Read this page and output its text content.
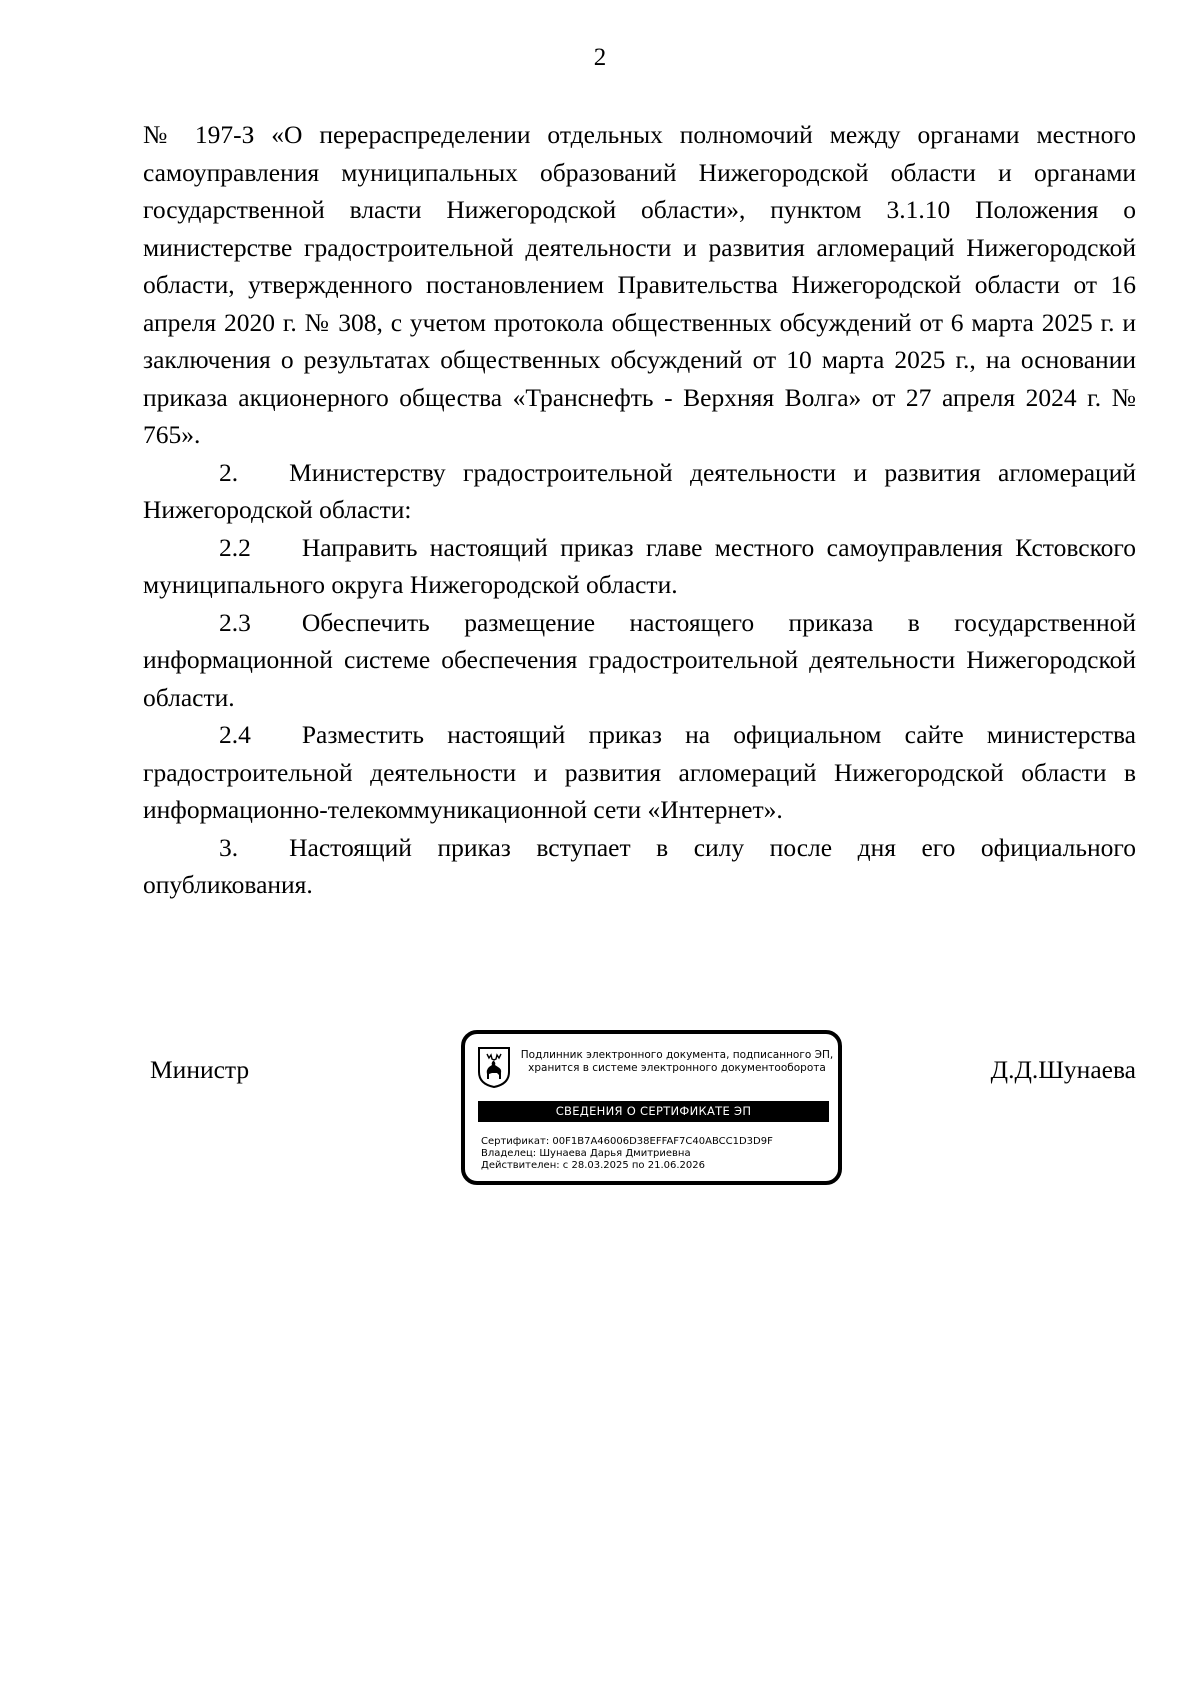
2

№ 197-З «О перераспределении отдельных полномочий между органами местного самоуправления муниципальных образований Нижегородской области и органами государственной власти Нижегородской области», пунктом 3.1.10 Положения о министерстве градостроительной деятельности и развития агломераций Нижегородской области, утвержденного постановлением Правительства Нижегородской области от 16 апреля 2020 г. № 308, с учетом протокола общественных обсуждений от 6 марта 2025 г. и заключения о результатах общественных обсуждений от 10 марта 2025 г., на основании приказа акционерного общества «Транснефть - Верхняя Волга» от 27 апреля 2024 г. № 765».

2.  Министерству градостроительной деятельности и развития агломераций Нижегородской области:

2.2  Направить настоящий приказ главе местного самоуправления Кстовского муниципального округа Нижегородской области.

2.3  Обеспечить размещение настоящего приказа в государственной информационной системе обеспечения градостроительной деятельности Нижегородской области.

2.4  Разместить настоящий приказ на официальном сайте министерства градостроительной деятельности и развития агломераций Нижегородской области в информационно-телекоммуникационной сети «Интернет».

3.  Настоящий приказ вступает в силу после дня его официального опубликования.

Министр	Подлинник электронного документа, подписанного ЭП,
хранится в системе электронного документооборота
СВЕДЕНИЯ О СЕРТИФИКАТЕ ЭП
Сертификат: 00F1B7A46006D38EFFAF7C40ABCC1D3D9F
Владелец: Шунаева Дарья Дмитриевна
Действителен: с 28.03.2025 по 21.06.2026
Д.Д.Шунаева
